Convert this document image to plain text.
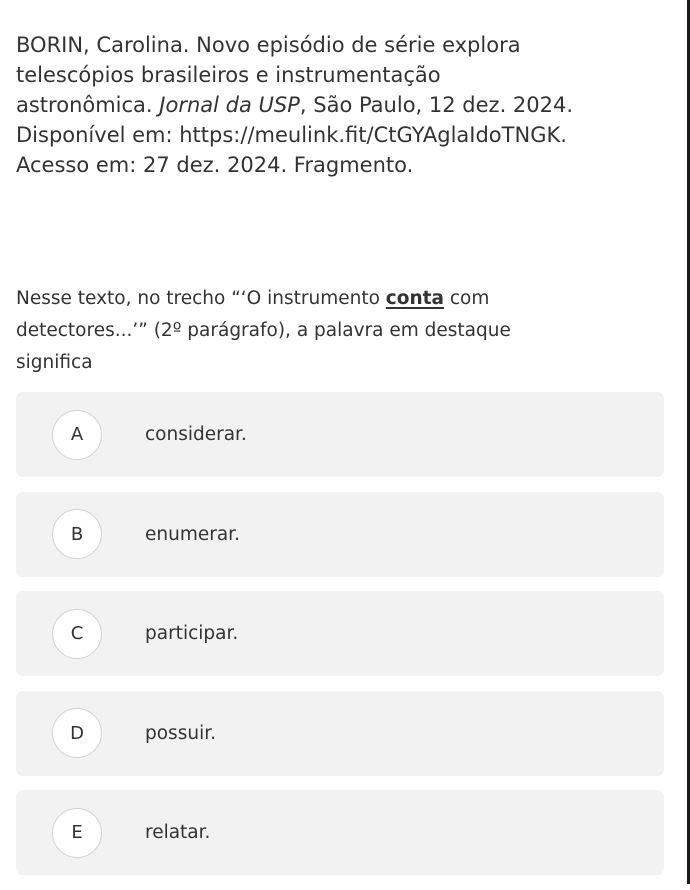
BORIN, Carolina. Novo episódio de série explora
telescópios brasileiros e instrumentação
astronômica. Jornal da USP, São Paulo, 12 dez. 2024.
Disponível em: https://meulink.fit/CtGYAglaIdoTNGK.
Acesso em: 27 dez. 2024. Fragmento.
Nesse texto, no trecho “‘O instrumento conta com
detectores...’” (2º parágrafo), a palavra em destaque
significa
A	considerar.
B	enumerar.
C	participar.
D	possuir.
E	relatar.
